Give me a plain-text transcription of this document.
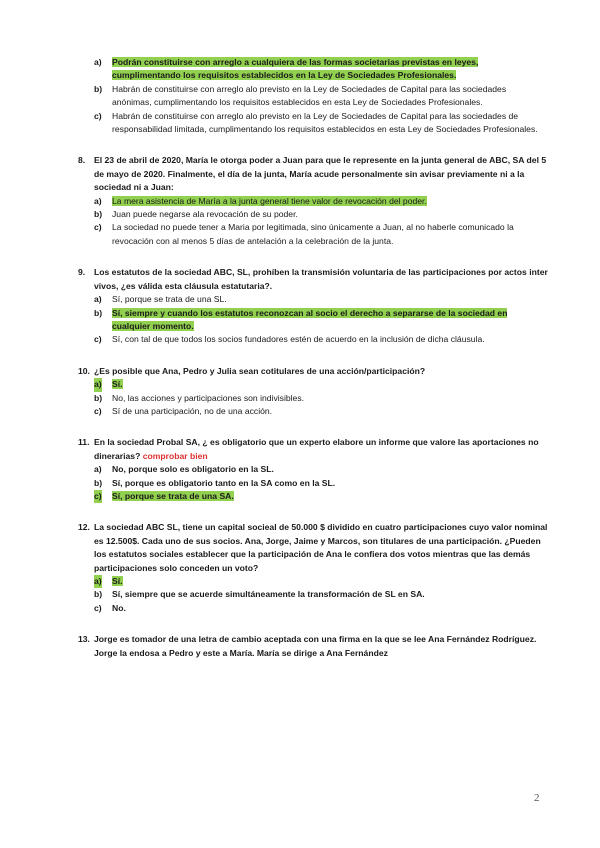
a) Podrán constituirse con arreglo a cualquiera de las formas societarias previstas en leyes, cumplimentando los requisitos establecidos en la Ley de Sociedades Profesionales.

b) Habrán de constituirse con arreglo alo previsto en la Ley de Sociedades de Capital para las sociedades anónimas, cumplimentando los requisitos establecidos en esta Ley de Sociedades Profesionales.

c) Habrán de constituirse con arreglo alo previsto en la Ley de Sociedades de Capital para las sociedades de responsabilidad limitada, cumplimentando los requisitos establecidos en esta Ley de Sociedades Profesionales.

8. El 23 de abril de 2020, María le otorga poder a Juan para que le represente en la junta general de ABC, SA del 5 de mayo de 2020. Finalmente, el día de la junta, María acude personalmente sin avisar previamente ni a la sociedad ni a Juan:

a) La mera asistencia de María a la junta general tiene valor de revocación del poder.

b) Juan puede negarse ala revocación de su poder.

c) La sociedad no puede tener a Maria por legitimada, sino únicamente a Juan, al no haberle comunicado la revocación con al menos 5 días de antelación a la celebración de la junta.

9. Los estatutos de la sociedad ABC, SL, prohíben la transmisión voluntaria de las participaciones por actos inter vivos, ¿es válida esta cláusula estatutaria?.

a) Sí, porque se trata de una SL.

b) Sí, siempre y cuando los estatutos reconozcan al socio el derecho a separarse de la sociedad en cualquier momento.

c) Sí, con tal de que todos los socios fundadores estén de acuerdo en la inclusión de dicha cláusula.

10. ¿Es posible que Ana, Pedro y Julia sean cotitulares de una acción/participación?

a) Sí.

b) No, las acciones y participaciones son indivisibles.

c) Sí de una participación, no de una acción.

11. En la sociedad Probal SA, ¿ es obligatorio que un experto elabore un informe que valore las aportaciones no dinerarias? comprobar bien

a) No, porque solo es obligatorio en la SL.

b) Sí, porque es obligatorio tanto en la SA como en la SL.

c) Sí, porque se trata de una SA.

12. La sociedad ABC SL, tiene un capital socieal de 50.000 $ dividido en cuatro participaciones cuyo valor nominal es 12.500$. Cada uno de sus socios. Ana, Jorge, Jaime y Marcos, son titulares de una participación. ¿Pueden los estatutos sociales establecer que la participación de Ana le confiera dos votos mientras que las demás participaciones solo conceden un voto?

a) Sí.

b) Sí, siempre que se acuerde simultáneamente la transformación de SL en SA.

c) No.

13. Jorge es tomador de una letra de cambio aceptada con una firma en la que se lee Ana Fernández Rodríguez. Jorge la endosa a Pedro y este a María. María se dirige a Ana Fernández

2
